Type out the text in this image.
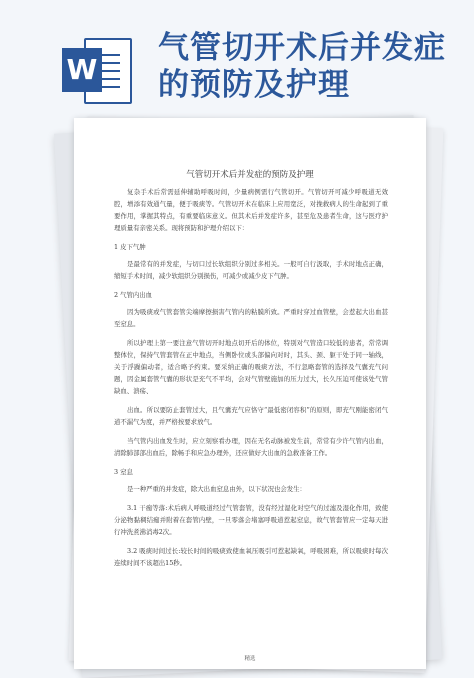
W
气管切开术后并发症的预防及护理
气管切开术后并发症的预防及护理

复杂手术后常需延伸辅助呼吸时间，少量病例需行气管切开。气管切开可减少呼吸道无效腔，增添有效通气量，便于吸痰等。气管切开术在临床上应用宽泛，对挽救病人的生命起到了重要作用，掌握其特点，有重要临床意义。但其术后并发症许多，甚至危及患者生命，这与医疗护理质量有亲密关系。现将预防和护理介绍以下：

1 皮下气肿

是最常有的并发症，与切口过长软组织分别过多相关。一般可自行汲取，手术时地点正确，缩短手术时间，减少软组织分别损伤，可减少或减少皮下气肿。

2 气管内出血

因为吸痰或气管套管尖端摩擦损害气管内的粘膜所致。严重时穿过血管壁，会惹起大出血甚至窒息。

所以护理上第一要注意气管切开时地点切开后的体位，特别对气管造口较低的患者，常常调整体位，保持气管套管在正中地点，当侧卧位或头部偏向对时，其头、颈、躯干处于同一轴线，关于浮躁偏动者，适合略予约束。要采纳正确的吸痰方法，不行忽略套管的选择及气囊充气问题，因金属套管气囊的形状是充气不平均，会对气管壁施加的压力过大，长久压迫可使该处气管缺血、溃疡、

出血。所以要防止套管过大，且气囊充气应恪守“最低密闭容积”的原则，即充气刚能密闭气道不漏气为度，并严格按要求放气。

当气管内出血发生时，应立刻察看办理，因在无名动脉被发生前，常常有少许气管内出血，清除肺部部出血后，除畅手和应急办理外，还应做好大出血的急救准备工作。

3 窒息

是一种严重的并发症，除大出血窒息由外，以下状况也会发生：

3.1 干痂等落:术后病人呼吸道经过气管套管，没有经过湿化对空气的过滤及湿化作用，致使分泌物黏稠结痂并附着在套管内壁，一旦零落会堵塞呼吸道惹起窒息，故气管套管应一定每天进行冲洗煮沸消毒2次。

3.2 吸痰时间过长:较长时间的吸痰致使血氧压吸引可惹起缺氧，呼吸困难，所以吸痰时每次连续时间不该超出15秒。

精选
